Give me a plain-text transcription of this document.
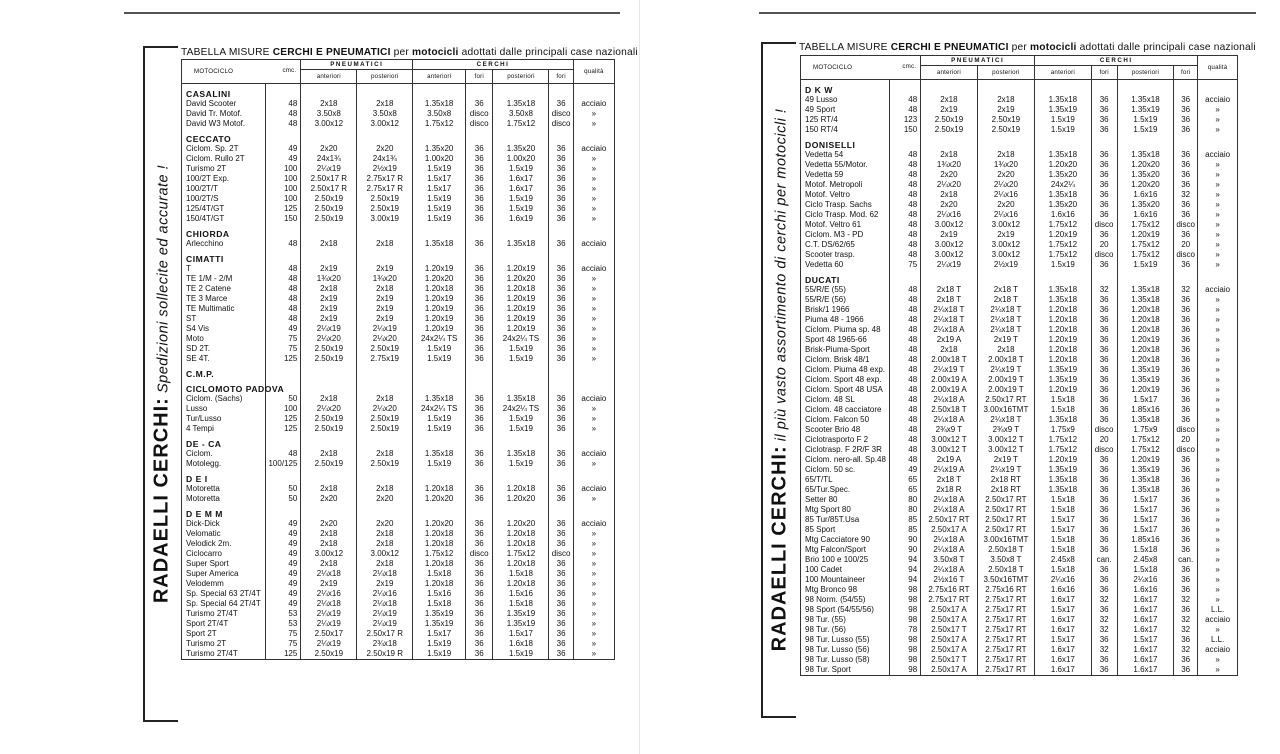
RADAELLI CERCHI: Spedizioni sollecite ed accurate !
TABELLA MISURE CERCHI E PNEUMATICI per motocicli adottati dalle principali case nazionali
MOTOCICLO cmc.		PNEUMATICI		CERCHI				qualità
		anteriori	posteriori	anteriori	fori	posteriori	fori	

CASALINI								
David Scooter	48	2x18	2x18	1.35x18	36	1.35x18	36	acciaio
David Tr. Motof.	48	3.50x8	3.50x8	3.50x8	disco	3.50x8	disco	»
David W3 Motof.	48	3.00x12	3.00x12	1.75x12	disco	1.75x12	disco	»

CECCATO								
Ciclom. Sp. 2T	49	2x20	2x20	1.35x20	36	1.35x20	36	acciaio
Ciclom. Rullo 2T	49	24x1¾	24x1¾	1.00x20	36	1.00x20	36	»
Turismo 2T	100	2¼x19	2½x19	1.5x19	36	1.5x19	36	»
100/2T Exp.	100	2.50x17 R	2.75x17 R	1.5x17	36	1.6x17	36	»
100/2T/T	100	2.50x17 R	2.75x17 R	1.5x17	36	1.6x17	36	»
100/2T/S	100	2.50x19	2.50x19	1.5x19	36	1.5x19	36	»
125/4T/GT	125	2.50x19	2.50x19	1.5x19	36	1.5x19	36	»
150/4T/GT	150	2.50x19	3.00x19	1.5x19	36	1.6x19	36	»

CHIORDA								
Arlecchino	48	2x18	2x18	1.35x18	36	1.35x18	36	acciaio

CIMATTI								
T	48	2x19	2x19	1.20x19	36	1.20x19	36	acciaio
TE 1/M - 2/M	48	1¾x20	1¾x20	1.20x20	36	1.20x20	36	»
TE 2 Catene	48	2x18	2x18	1.20x18	36	1.20x18	36	»
TE 3 Marce	48	2x19	2x19	1.20x19	36	1.20x19	36	»
TE Multimatic	48	2x19	2x19	1.20x19	36	1.20x19	36	»
ST	48	2x19	2x19	1.20x19	36	1.20x19	36	»
S4 Vis	49	2¼x19	2¼x19	1.20x19	36	1.20x19	36	»
Moto	75	2¼x20	2¼x20	24x2¼ TS	36	24x2¼ TS	36	»
SD 2T.	75	2.50x19	2.50x19	1.5x19	36	1.5x19	36	»
SE 4T.	125	2.50x19	2.75x19	1.5x19	36	1.5x19	36	»

C.M.P.								

CICLOMOTO PADOVA								
Ciclom. (Sachs)	50	2x18	2x18	1.35x18	36	1.35x18	36	acciaio
Lusso	100	2¼x20	2¼x20	24x2¼ TS	36	24x2¼ TS	36	»
Tur/Lusso	125	2.50x19	2.50x19	1.5x19	36	1.5x19	36	»
4 Tempi	125	2.50x19	2.50x19	1.5x19	36	1.5x19	36	»

DE - CA								
Ciclom.	48	2x18	2x18	1.35x18	36	1.35x18	36	acciaio
Motolegg.	100/125	2.50x19	2.50x19	1.5x19	36	1.5x19	36	»

D E I								
Motoretta	50	2x18	2x18	1.20x18	36	1.20x18	36	acciaio
Motoretta	50	2x20	2x20	1.20x20	36	1.20x20	36	»

D E M M								
Dick-Dick	49	2x20	2x20	1.20x20	36	1.20x20	36	acciaio
Velomatic	49	2x18	2x18	1.20x18	36	1.20x18	36	»
Velodick 2m.	49	2x18	2x18	1.20x18	36	1.20x18	36	»
Ciclocarro	49	3.00x12	3.00x12	1.75x12	disco	1.75x12	disco	»
Super Sport	49	2x18	2x18	1.20x18	36	1.20x18	36	»
Super America	49	2¼x18	2¼x18	1.5x18	36	1.5x18	36	»
Velodemm	49	2x19	2x19	1.20x18	36	1.20x18	36	»
Sp. Special 63 2T/4T	49	2¼x16	2¼x16	1.5x16	36	1.5x16	36	»
Sp. Special 64 2T/4T	49	2¼x18	2¼x18	1.5x18	36	1.5x18	36	»
Turismo 2T/4T	53	2¼x19	2¼x19	1.35x19	36	1.35x19	36	»
Sport 2T/4T	53	2¼x19	2¼x19	1.35x19	36	1.35x19	36	»
Sport 2T	75	2.50x17	2.50x17 R	1.5x17	36	1.5x17	36	»
Turismo 2T	75	2¼x19	2¾x18	1.5x19	36	1.6x18	36	»
Turismo 2T/4T	125	2.50x19	2.50x19 R	1.5x19	36	1.5x19	36	»
RADAELLI CERCHI: il più vasto assortimento di cerchi per motocicli !
TABELLA MISURE CERCHI E PNEUMATICI per motocicli adottati dalle principali case nazionali
MOTOCICLO cmc.		PNEUMATICI		CERCHI				qualità
		anteriori	posteriori	anteriori	fori	posteriori	fori	

D K W								
49 Lusso	48	2x18	2x18	1.35x18	36	1.35x18	36	acciaio
49 Sport	48	2x19	2x19	1.35x19	36	1.35x19	36	»
125 RT/4	123	2.50x19	2.50x19	1.5x19	36	1.5x19	36	»
150 RT/4	150	2.50x19	2.50x19	1.5x19	36	1.5x19	36	»

DONISELLI								
Vedetta 54	48	2x18	2x18	1.35x18	36	1.35x18	36	acciaio
Vedetta 55/Motor.	48	1¾x20	1¾x20	1.20x20	36	1.20x20	36	»
Vedetta 59	48	2x20	2x20	1.35x20	36	1.35x20	36	»
Motof. Metropoli	48	2¼x20	2¼x20	24x2¼	36	1.20x20	36	»
Motof. Veltro	48	2x18	2¼x16	1.35x18	36	1.6x16	32	»
Ciclo Trasp. Sachs	48	2x20	2x20	1.35x20	36	1.35x20	36	»
Ciclo Trasp. Mod. 62	48	2¼x16	2¼x16	1.6x16	36	1.6x16	36	»
Motof. Veltro 61	48	3.00x12	3.00x12	1.75x12	disco	1.75x12	disco	»
Ciclom. M3 - PD	48	2x19	2x19	1.20x19	36	1.20x19	36	»
C.T. DS/62/65	48	3.00x12	3.00x12	1.75x12	20	1.75x12	20	»
Scooter trasp.	48	3.00x12	3.00x12	1.75x12	disco	1.75x12	disco	»
Vedetta 60	75	2¼x19	2½x19	1.5x19	36	1.5x19	36	»

DUCATI								
55/R/E (55)	48	2x18 T	2x18 T	1.35x18	32	1.35x18	32	acciaio
55/R/E (56)	48	2x18 T	2x18 T	1.35x18	36	1.35x18	36	»
Brisk/1 1966	48	2¼x18 T	2¼x18 T	1.20x18	36	1.20x18	36	»
Piuma 48 - 1966	48	2¼x18 T	2¼x18 T	1.20x18	36	1.20x18	36	»
Ciclom. Piuma sp. 48	48	2¼x18 A	2¼x18 T	1.20x18	36	1.20x18	36	»
Sport 48 1965-66	48	2x19 A	2x19 T	1.20x19	36	1.20x19	36	»
Brisk-Piuma-Sport	48	2x18	2x18	1.20x18	36	1.20x18	36	»
Ciclom. Brisk 48/1	48	2.00x18 T	2.00x18 T	1.20x18	36	1.20x18	36	»
Ciclom. Piuma 48 exp.	48	2¼x19 T	2¼x19 T	1.35x19	36	1.35x19	36	»
Ciclom. Sport 48 exp.	48	2.00x19 A	2.00x19 T	1.35x19	36	1.35x19	36	»
Ciclom. Sport 48 USA	48	2.00x19 A	2.00x19 T	1.20x19	36	1.20x19	36	»
Ciclom. 48 SL	48	2¼x18 A	2.50x17 RT	1.5x18	36	1.5x17	36	»
Ciclom. 48 cacciatore	48	2.50x18 T	3.00x16TMT	1.5x18	36	1.85x16	36	»
Ciclom. Falcon 50	48	2¼x18 A	2¼x18 T	1.35x18	36	1.35x18	36	»
Scooter Brio 48	48	2¾x9 T	2¾x9 T	1.75x9	disco	1.75x9	disco	»
Ciclotrasporto F 2	48	3.00x12 T	3.00x12 T	1.75x12	20	1.75x12	20	»
Ciclotrasp. F 2R/F 3R	48	3.00x12 T	3.00x12 T	1.75x12	disco	1.75x12	disco	»
Ciclom. nero-all. Sp.48	48	2x19 A	2x19 T	1.20x19	36	1.20x19	36	»
Ciclom. 50 sc.	49	2¼x19 A	2¼x19 T	1.35x19	36	1.35x19	36	»
65/T/TL	65	2x18 T	2x18 RT	1.35x18	36	1.35x18	36	»
65/Tur.Spec.	65	2x18 R	2x18 RT	1.35x18	36	1.35x18	36	»
Setter 80	80	2¼x18 A	2.50x17 RT	1.5x18	36	1.5x17	36	»
Mtg Sport 80	80	2¼x18 A	2.50x17 RT	1.5x18	36	1.5x17	36	»
85 Tur/85T.Usa	85	2.50x17 RT	2.50x17 RT	1.5x17	36	1.5x17	36	»
85 Sport	85	2.50x17 A	2.50x17 RT	1.5x17	36	1.5x17	36	»
Mtg Cacciatore 90	90	2¼x18 A	3.00x16TMT	1.5x18	36	1.85x16	36	»
Mtg Falcon/Sport	90	2¼x18 A	2.50x18 T	1.5x18	36	1.5x18	36	»
Brio 100 e 100/25	94	3.50x8 T	3.50x8 T	2.45x8	can.	2.45x8	can.	»
100 Cadet	94	2¼x18 A	2.50x18 T	1.5x18	36	1.5x18	36	»
100 Mountaineer	94	2½x16 T	3.50x16TMT	2¼x16	36	2¼x16	36	»
Mtg Bronco 98	98	2.75x16 RT	2.75x16 RT	1.6x16	36	1.6x16	36	»
98 Norm. (54/55)	98	2.75x17 RT	2.75x17 RT	1.6x17	32	1.6x17	32	»
98 Sport (54/55/56)	98	2.50x17 A	2.75x17 RT	1.5x17	36	1.6x17	36	L.L.
98 Tur. (55)	98	2.50x17 A	2.75x17 RT	1.6x17	32	1.6x17	32	acciaio
98 Tur. (56)	78	2.50x17 T	2.75x17 RT	1.6x17	32	1.6x17	32	»
98 Tur. Lusso (55)	98	2.50x17 A	2.75x17 RT	1.5x17	36	1.5x17	36	L.L.
98 Tur. Lusso (56)	98	2.50x17 A	2.75x17 RT	1.6x17	32	1.6x17	32	acciaio
98 Tur. Lusso (58)	98	2.50x17 T	2.75x17 RT	1.6x17	36	1.6x17	36	»
98 Tur. Sport	98	2.50x17 A	2.75x17 RT	1.6x17	36	1.6x17	36	»
